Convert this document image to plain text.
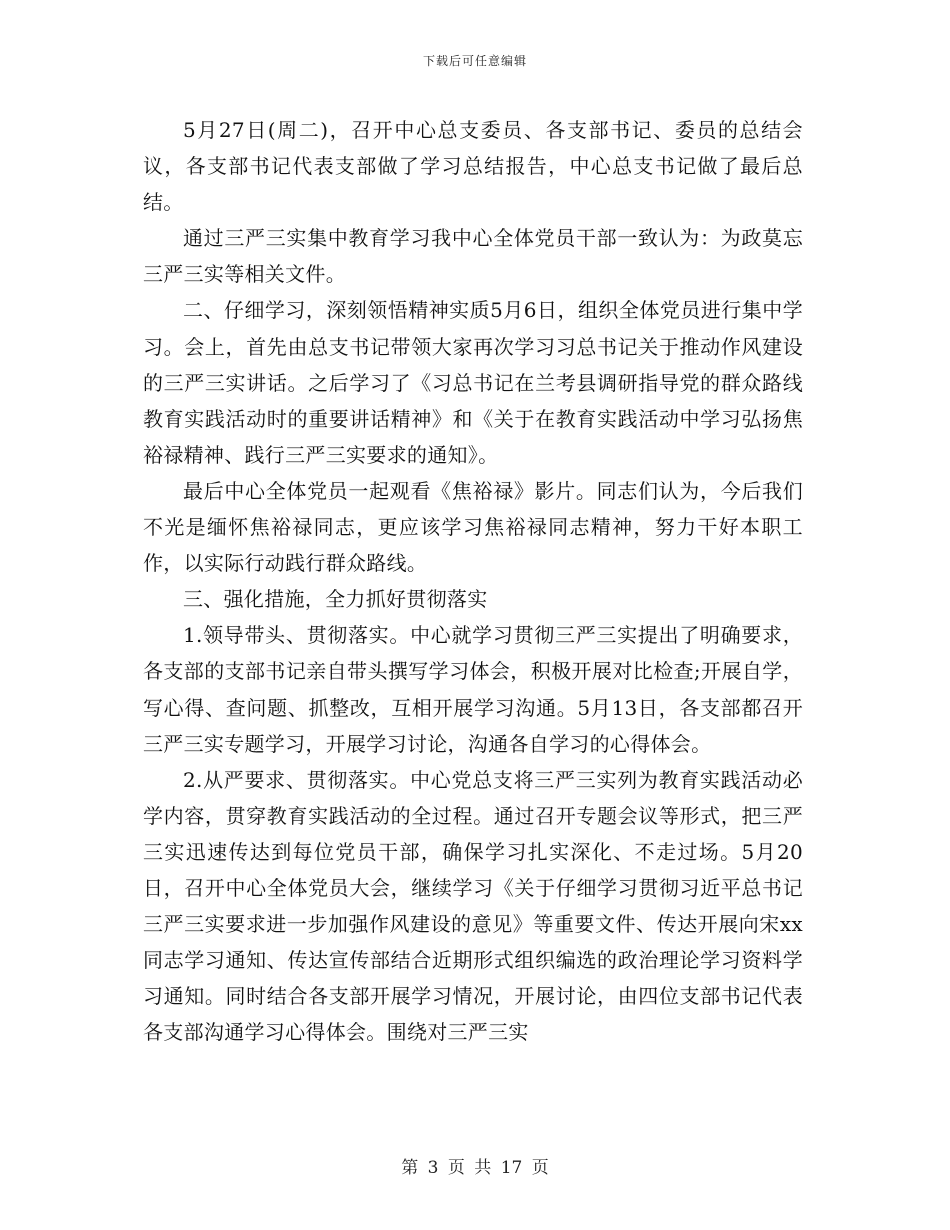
下载后可任意编辑

5月27日(周二)，召开中心总支委员、各支部书记、委员的总结会议，各支部书记代表支部做了学习总结报告，中心总支书记做了最后总结。

通过三严三实集中教育学习我中心全体党员干部一致认为：为政莫忘三严三实等相关文件。

二、仔细学习，深刻领悟精神实质5月6日，组织全体党员进行集中学习。会上，首先由总支书记带领大家再次学习习总书记关于推动作风建设的三严三实讲话。之后学习了《习总书记在兰考县调研指导党的群众路线教育实践活动时的重要讲话精神》和《关于在教育实践活动中学习弘扬焦裕禄精神、践行三严三实要求的通知》。

最后中心全体党员一起观看《焦裕禄》影片。同志们认为，今后我们不光是缅怀焦裕禄同志，更应该学习焦裕禄同志精神，努力干好本职工作，以实际行动践行群众路线。

三、强化措施，全力抓好贯彻落实

1.领导带头、贯彻落实。中心就学习贯彻三严三实提出了明确要求，各支部的支部书记亲自带头撰写学习体会，积极开展对比检查;开展自学，写心得、查问题、抓整改，互相开展学习沟通。5月13日，各支部都召开三严三实专题学习，开展学习讨论，沟通各自学习的心得体会。

2.从严要求、贯彻落实。中心党总支将三严三实列为教育实践活动必学内容，贯穿教育实践活动的全过程。通过召开专题会议等形式，把三严三实迅速传达到每位党员干部，确保学习扎实深化、不走过场。5月20日，召开中心全体党员大会，继续学习《关于仔细学习贯彻习近平总书记三严三实要求进一步加强作风建设的意见》等重要文件、传达开展向宋xx同志学习通知、传达宣传部结合近期形式组织编选的政治理论学习资料学习通知。同时结合各支部开展学习情况，开展讨论，由四位支部书记代表各支部沟通学习心得体会。围绕对三严三实

第 3 页 共 17 页
